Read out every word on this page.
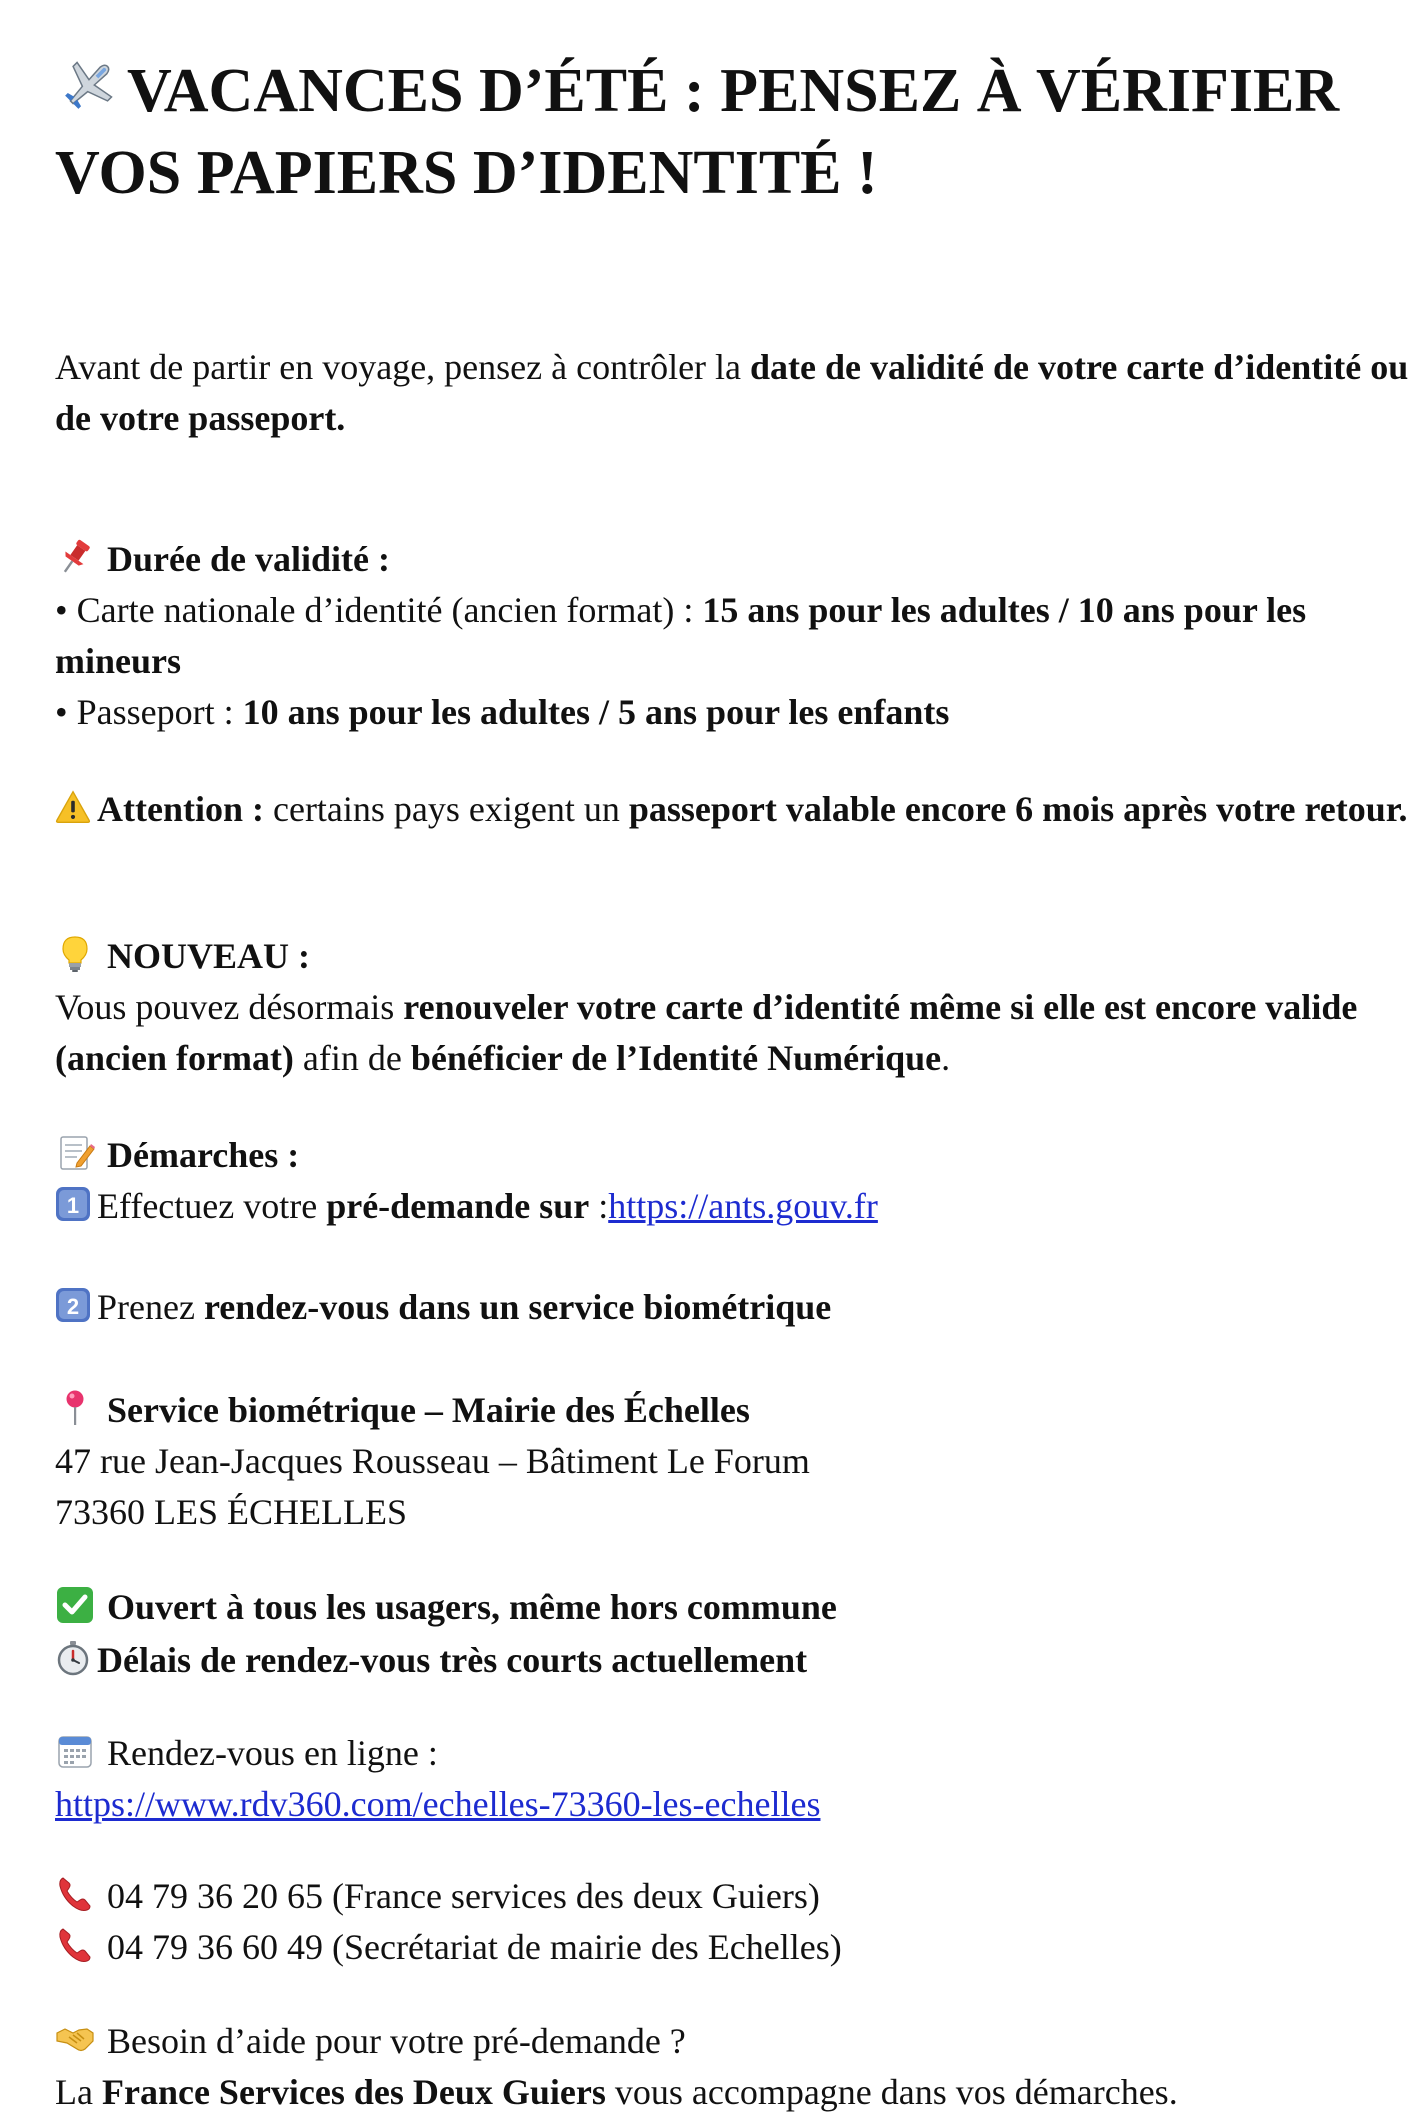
VACANCES D’ÉTÉ : PENSEZ À VÉRIFIER
VOS PAPIERS D’IDENTITÉ !
Avant de partir en voyage, pensez à contrôler la date de validité de votre carte d’identité ou de votre passeport.
Durée de validité :
• Carte nationale d’identité (ancien format) : 15 ans pour les adultes / 10 ans pour les mineurs
• Passeport : 10 ans pour les adultes / 5 ans pour les enfants
Attention : certains pays exigent un passeport valable encore 6 mois après votre retour.
NOUVEAU :
Vous pouvez désormais renouveler votre carte d’identité même si elle est encore valide (ancien format) afin de bénéficier de l’Identité Numérique.
Démarches :
1 Effectuez votre pré-demande sur :https://ants.gouv.fr
2 Prenez rendez-vous dans un service biométrique
Service biométrique – Mairie des Échelles
47 rue Jean-Jacques Rousseau – Bâtiment Le Forum
73360 LES ÉCHELLES
Ouvert à tous les usagers, même hors commune
Délais de rendez-vous très courts actuellement
Rendez-vous en ligne :
https://www.rdv360.com/echelles-73360-les-echelles
04 79 36 20 65 (France services des deux Guiers)
04 79 36 60 49 (Secrétariat de mairie des Echelles)
Besoin d’aide pour votre pré-demande ?
La France Services des Deux Guiers vous accompagne dans vos démarches.
